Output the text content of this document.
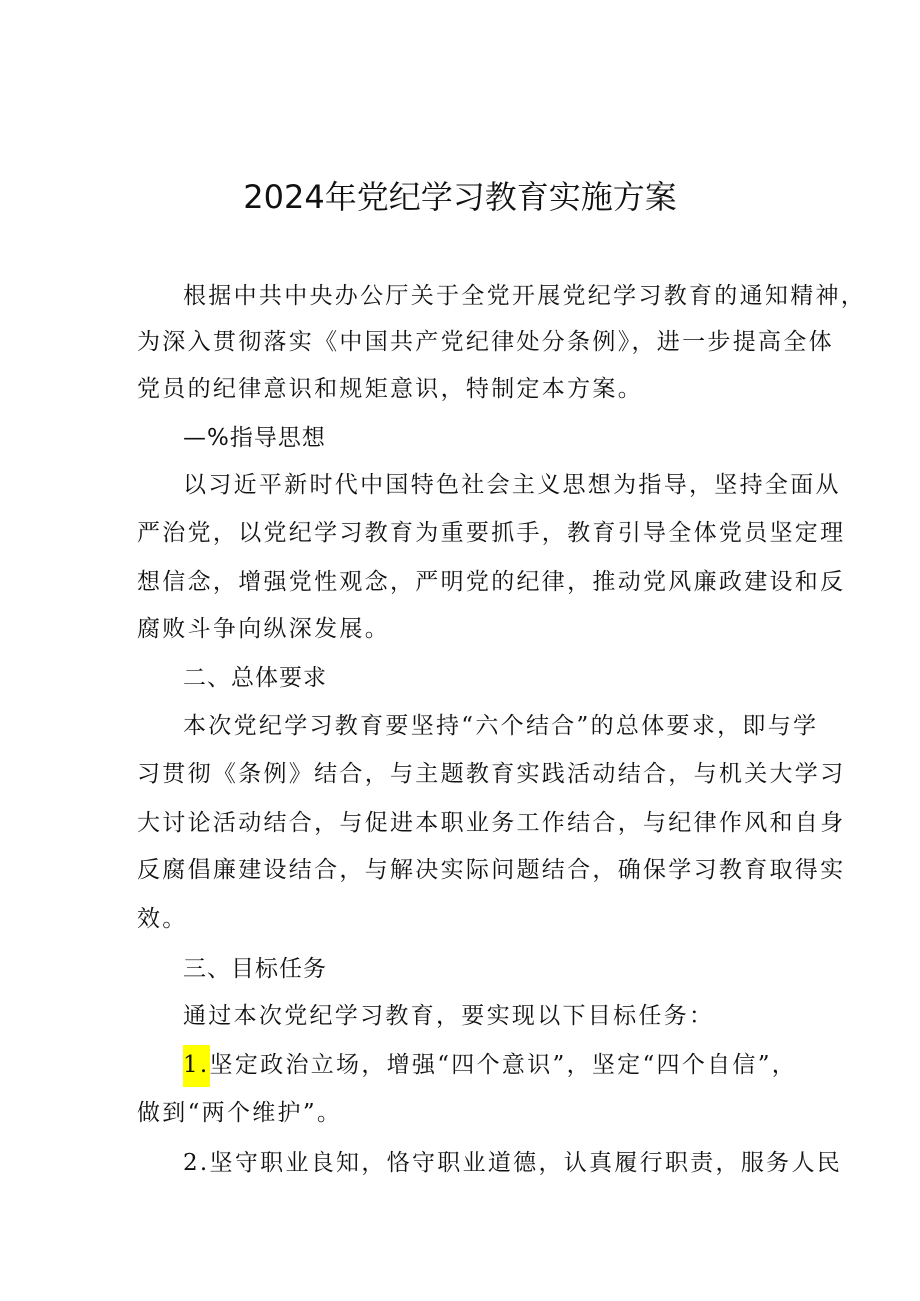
2024年党纪学习教育实施方案
根据中共中央办公厅关于全党开展党纪学习教育的通知精神，
为深入贯彻落实《中国共产党纪律处分条例》，进一步提高全体
党员的纪律意识和规矩意识，特制定本方案。
—%指导思想
以习近平新时代中国特色社会主义思想为指导，坚持全面从
严治党，以党纪学习教育为重要抓手，教育引导全体党员坚定理
想信念，增强党性观念，严明党的纪律，推动党风廉政建设和反
腐败斗争向纵深发展。
二、总体要求
本次党纪学习教育要坚持“六个结合”的总体要求，即与学
习贯彻《条例》结合，与主题教育实践活动结合，与机关大学习
大讨论活动结合，与促进本职业务工作结合，与纪律作风和自身
反腐倡廉建设结合，与解决实际问题结合，确保学习教育取得实
效。
三、目标任务
通过本次党纪学习教育，要实现以下目标任务：
1.坚定政治立场，增强“四个意识”，坚定“四个自信”，
做到“两个维护”。
2.坚守职业良知，恪守职业道德，认真履行职责，服务人民
